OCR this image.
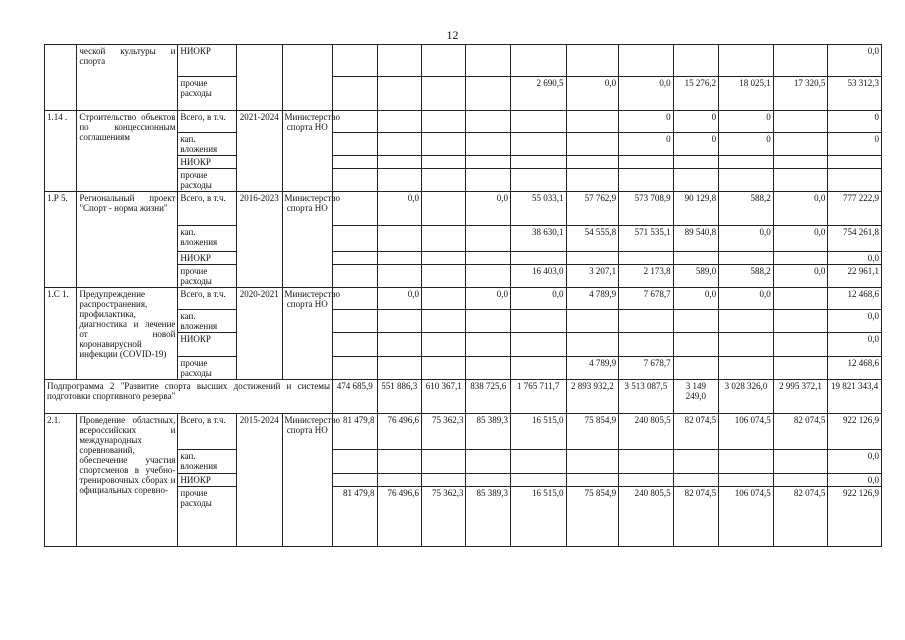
12
	ческой культуры и спорта	НИОКР													0,0
		прочие расходы							2 690,5	0,0	0,0	15 276,2	18 025,1	17 320,5	53 312,3
1.14 .	Строительство объектов по концессионным соглашениям	Всего, в т.ч.	2021-2024	Министерство спорта НО							0	0	0		0
		кап. вложения									0	0	0		0
		НИОКР													
		прочие расходы													
1.Р 5.	Региональный проект "Спорт - норма жизни"	Всего, в т.ч.	2016-2023	Министерство спорта НО		0,0		0,0	55 033,1	57 762,9	573 708,9	90 129,8	588,2	0,0	777 222,9
		кап. вложения							38 630,1	54 555,8	571 535,1	89 540,8	0,0	0,0	754 261,8
		НИОКР													0,0
		прочие расходы							16 403,0	3 207,1	2 173,8	589,0	588,2	0,0	22 961,1
1.С 1.	Предупреждение распространения, профилактика, диагностика и лечение от новой коронавирусной инфекции (COVID-19)	Всего, в т.ч.	2020-2021	Министерство спорта НО		0,0		0,0	0,0	4 789,9	7 678,7	0,0	0,0		12 468,6
		кап. вложения													0,0
		НИОКР													0,0
		прочие расходы								4 789,9	7 678,7				12 468,6
Подпрограмма 2 "Развитие спорта высших достижений и системы подготовки спортивного резерва"					474 685,9	551 886,3	610 367,1	838 725,6	1 765 711,7	2 893 932,2	3 513 087,5	3 149 249,0	3 028 326,0	2 995 372,1	19 821 343,4
2.1.	Проведение областных, всероссийских и международных соревнований, обеспечение участия спортсменов в учебно-тренировочных сборах и официальных соревно-	Всего, в т.ч.	2015-2024	Министерство спорта НО	81 479,8	76 496,6	75 362,3	85 389,3	16 515,0	75 854,9	240 805,5	82 074,5	106 074,5	82 074,5	922 126,9
		кап. вложения													0,0
		НИОКР													0,0
		прочие расходы			81 479,8	76 496,6	75 362,3	85 389,3	16 515,0	75 854,9	240 805,5	82 074,5	106 074,5	82 074,5	922 126,9
